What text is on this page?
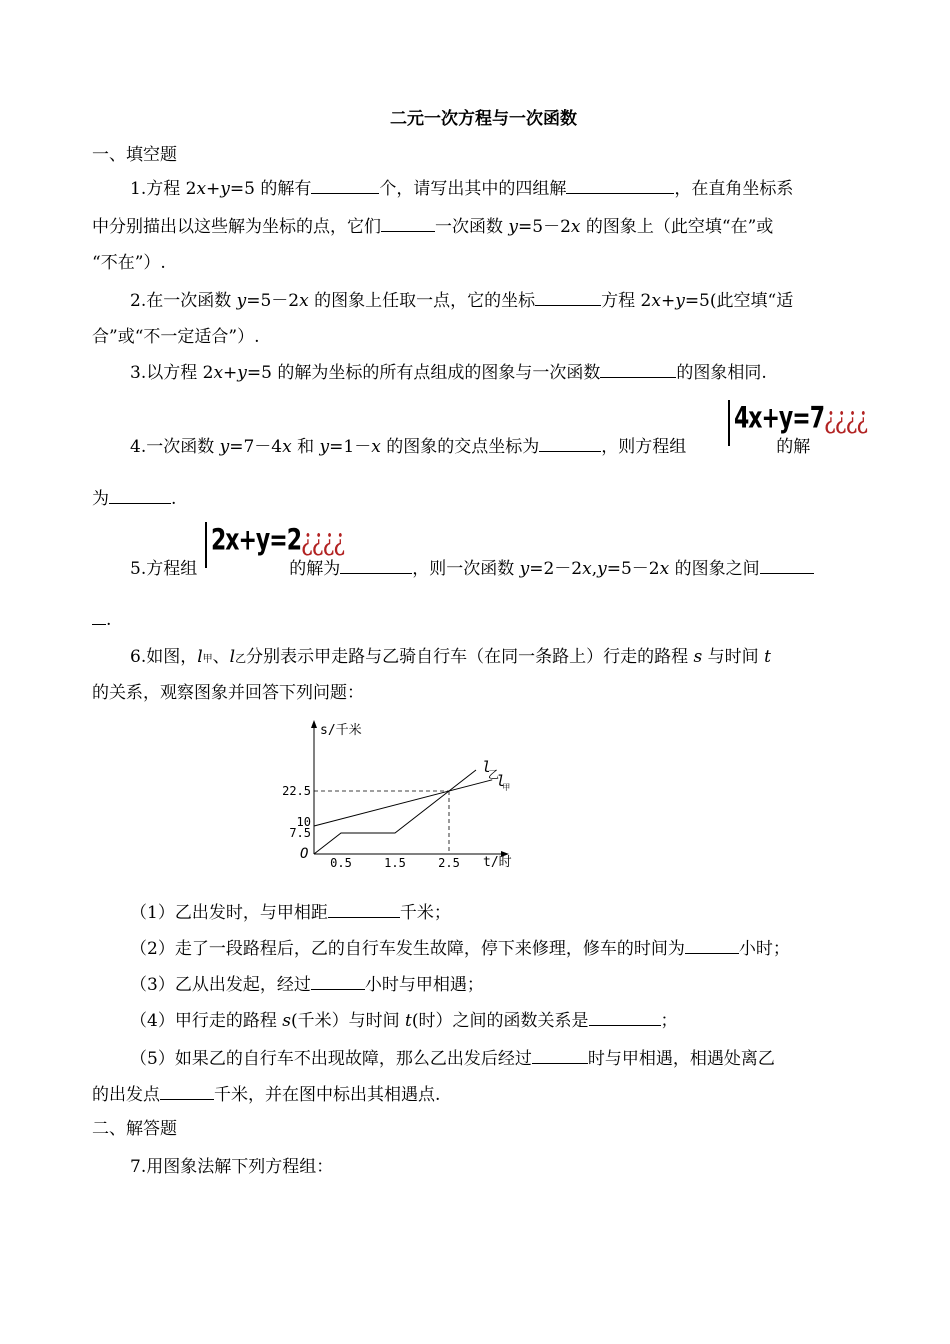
二元一次方程与一次函数
一、填空题
1.方程 2x+y=5 的解有	个，请写出其中的四组解	，在直角坐标系
中分别描出以这些解为坐标的点，它们	一次函数 y=5－2x 的图象上（此空填“在”或
“不在”）.
2.在一次函数 y=5－2x 的图象上任取一点，它的坐标	方程 2x+y=5(此空填“适
合”或“不一定适合”）.
3.以方程 2x+y=5 的解为坐标的所有点组成的图象与一次函数	的图象相同.
4.一次函数 y=7－4x 和 y=1－x 的图象的交点坐标为	，则方程组	的解
4x+y=7¿¿¿¿
为	.
5.方程组	的解为	，则一次函数 y=2－2x,y=5－2x 的图象之间
2x+y=2¿¿¿¿
.
6.如图，l甲、l乙分别表示甲走路与乙骑自行车（在同一条路上）行走的路程 s 与时间 t
的关系，观察图象并回答下列问题：
s/千米
t/时
O
0.5	1.5	2.5
7.5
10
22.5
l
甲
l
乙
（1）乙出发时，与甲相距	千米；
（2）走了一段路程后，乙的自行车发生故障，停下来修理，修车的时间为	小时；
（3）乙从出发起，经过	小时与甲相遇；
（4）甲行走的路程 s(千米）与时间 t(时）之间的函数关系是	；
（5）如果乙的自行车不出现故障，那么乙出发后经过	时与甲相遇，相遇处离乙
的出发点	千米，并在图中标出其相遇点.
二、解答题
7.用图象法解下列方程组：
